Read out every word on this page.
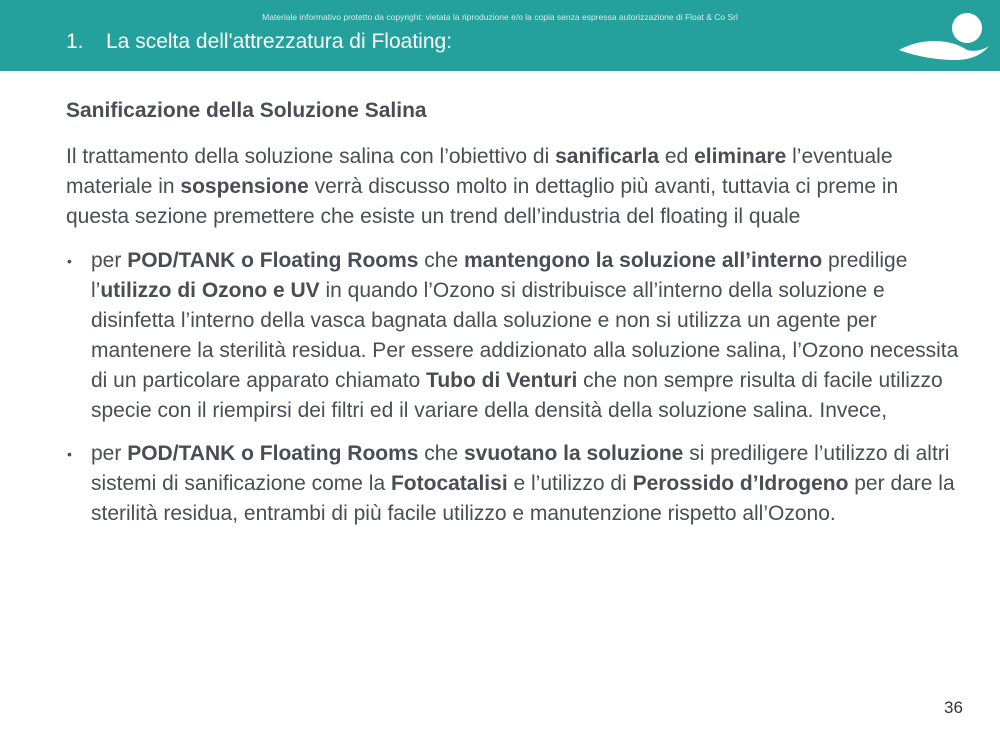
Materiale informativo protetto da copyright: vietata la riproduzione e/o la copia senza espressa autorizzazione di Float & Co Srl
1. La scelta dell'attrezzatura di Floating:
Sanificazione della Soluzione Salina

Il trattamento della soluzione salina con l’obiettivo di sanificarla ed eliminare l’eventuale materiale in sospensione verrà discusso molto in dettaglio più avanti, tuttavia ci preme in questa sezione premettere che esiste un trend dell’industria del floating il quale

• per POD/TANK o Floating Rooms che mantengono la soluzione all’interno predilige l’utilizzo di Ozono e UV in quando l’Ozono si distribuisce all’interno della soluzione e disinfetta l’interno della vasca bagnata dalla soluzione e non si utilizza un agente per mantenere la sterilità residua. Per essere addizionato alla soluzione salina, l’Ozono necessita di un particolare apparato chiamato Tubo di Venturi che non sempre risulta di facile utilizzo specie con il riempirsi dei filtri ed il variare della densità della soluzione salina. Invece,
• per POD/TANK o Floating Rooms che svuotano la soluzione si prediligere l’utilizzo di altri sistemi di sanificazione come la Fotocatalisi e l’utilizzo di Perossido d’Idrogeno per dare la sterilità residua, entrambi di più facile utilizzo e manutenzione rispetto all’Ozono.
36
